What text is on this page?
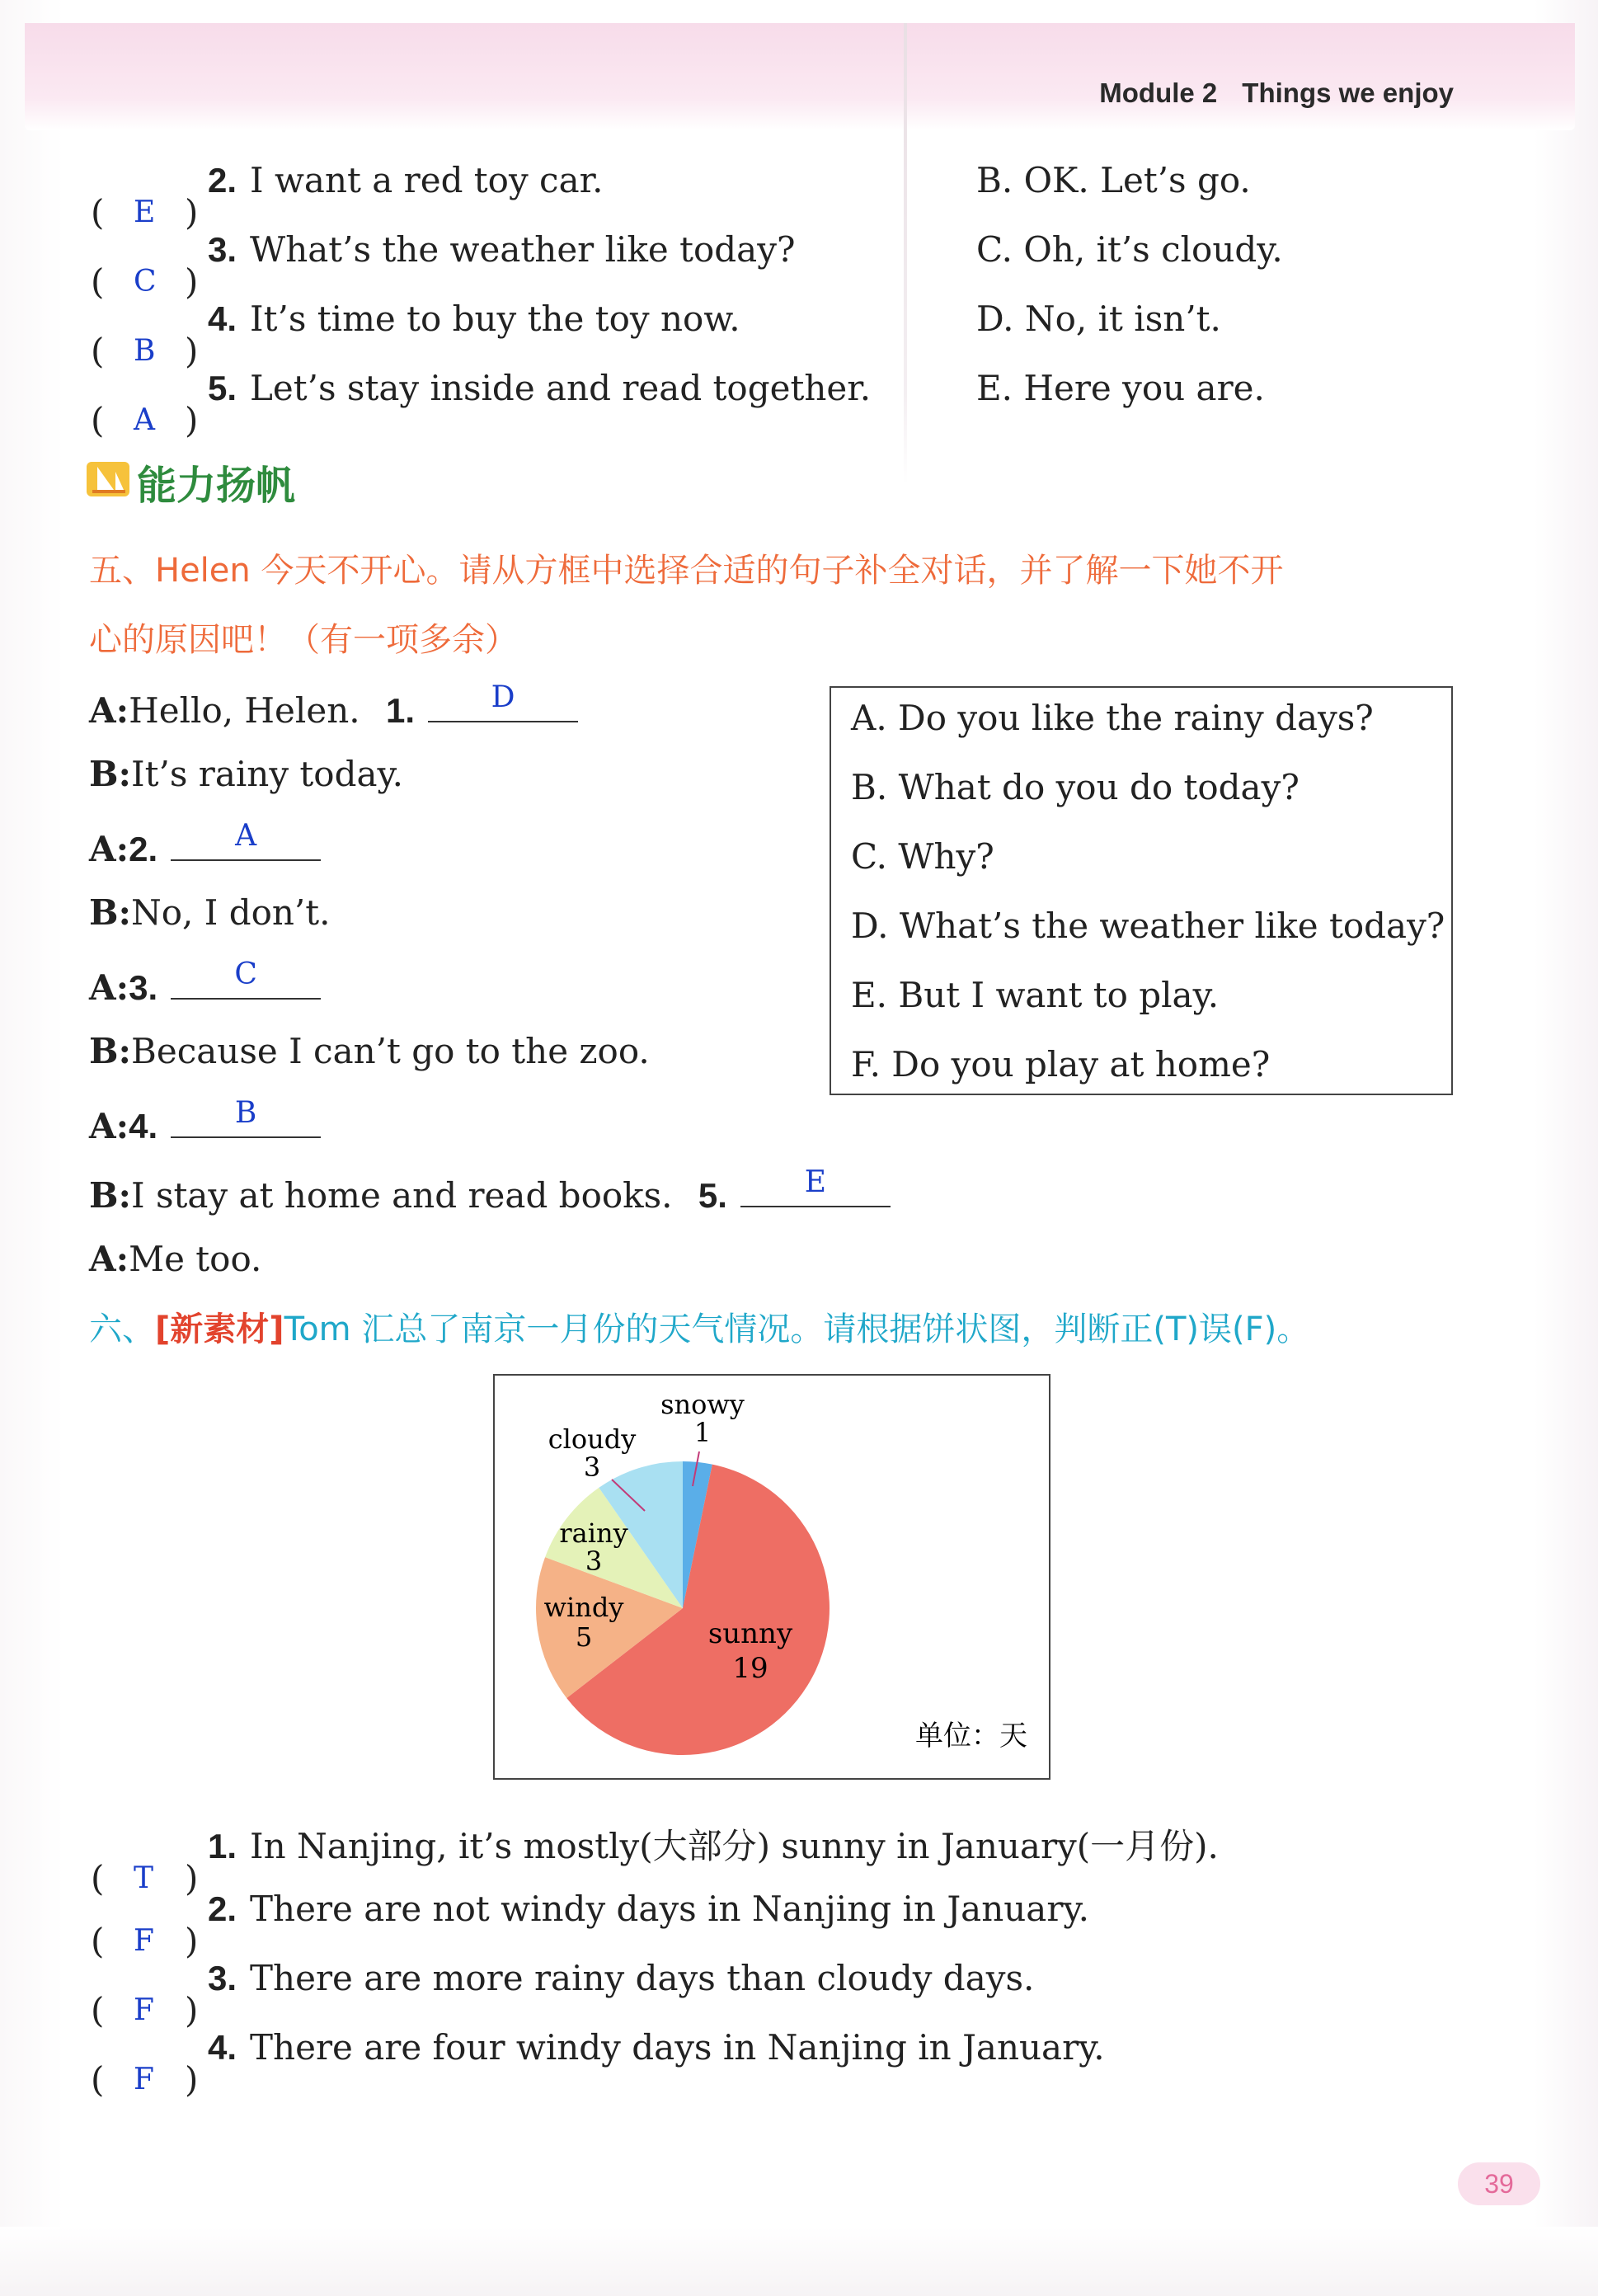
Module 2 Things we enjoy
( E )
2. I want a red toy car.
( C )
3. What’s the weather like today?
( B )
4. It’s time to buy the toy now.
( A )
5. Let’s stay inside and read together.
B. OK. Let’s go.
C. Oh, it’s cloudy.
D. No, it isn’t.
E. Here you are.
能力扬帆
五、Helen 今天不开心。请从方框中选择合适的句子补全对话，并了解一下她不开
心的原因吧！（有一项多余）
A:Hello, Helen. 1.	D
B:It’s rainy today.
A:2.	A
B:No, I don’t.
A:3.	C
B:Because I can’t go to the zoo.
A:4.	B
B:I stay at home and read books. 5.	E
A:Me too.
A. Do you like the rainy days?
B. What do you do today?
C. Why?
D. What’s the weather like today?
E. But I want to play.
F. Do you play at home?
六、[新素材]Tom 汇总了南京一月份的天气情况。请根据饼状图，判断正(T)误(F)。
snowy
1
cloudy
3
rainy
3
windy
5	sunny
19
单位：天
( T )
1. In Nanjing, it’s mostly(大部分) sunny in January(一月份).
( F )
2. There are not windy days in Nanjing in January.
( F )
3. There are more rainy days than cloudy days.
( F )
4. There are four windy days in Nanjing in January.
39
